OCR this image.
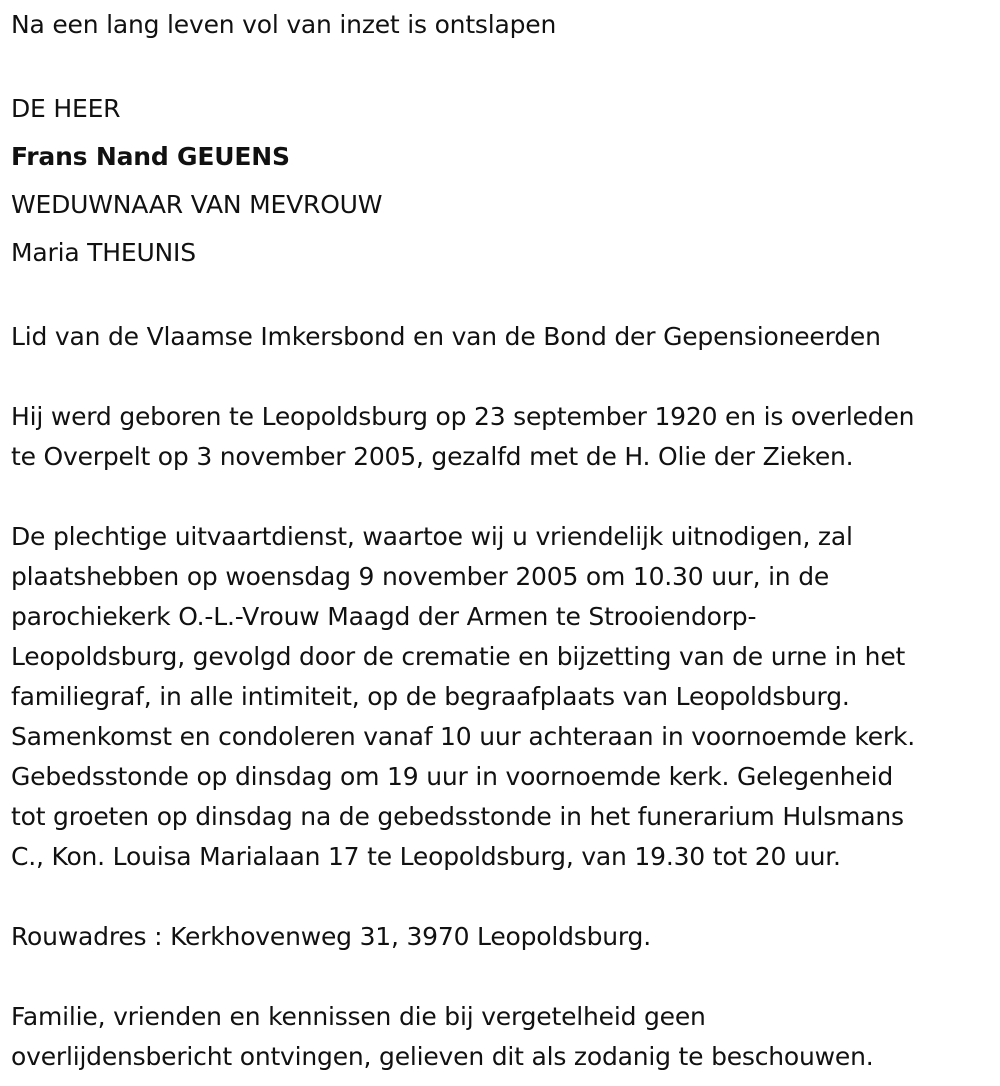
Na een lang leven vol van inzet is ontslapen

DE HEER

Frans Nand GEUENS

WEDUWNAAR VAN MEVROUW

Maria THEUNIS

Lid van de Vlaamse Imkersbond en van de Bond der Gepensioneerden

Hij werd geboren te Leopoldsburg op 23 september 1920 en is overleden

te Overpelt op 3 november 2005, gezalfd met de H. Olie der Zieken.

De plechtige uitvaartdienst, waartoe wij u vriendelijk uitnodigen, zal

plaatshebben op woensdag 9 november 2005 om 10.30 uur, in de

parochiekerk O.-L.-Vrouw Maagd der Armen te Strooiendorp-

Leopoldsburg, gevolgd door de crematie en bijzetting van de urne in het

familiegraf, in alle intimiteit, op de begraafplaats van Leopoldsburg.

Samenkomst en condoleren vanaf 10 uur achteraan in voornoemde kerk.

Gebedsstonde op dinsdag om 19 uur in voornoemde kerk. Gelegenheid

tot groeten op dinsdag na de gebedsstonde in het funerarium Hulsmans

C., Kon. Louisa Marialaan 17 te Leopoldsburg, van 19.30 tot 20 uur.

Rouwadres : Kerkhovenweg 31, 3970 Leopoldsburg.

Familie, vrienden en kennissen die bij vergetelheid geen

overlijdensbericht ontvingen, gelieven dit als zodanig te beschouwen.
